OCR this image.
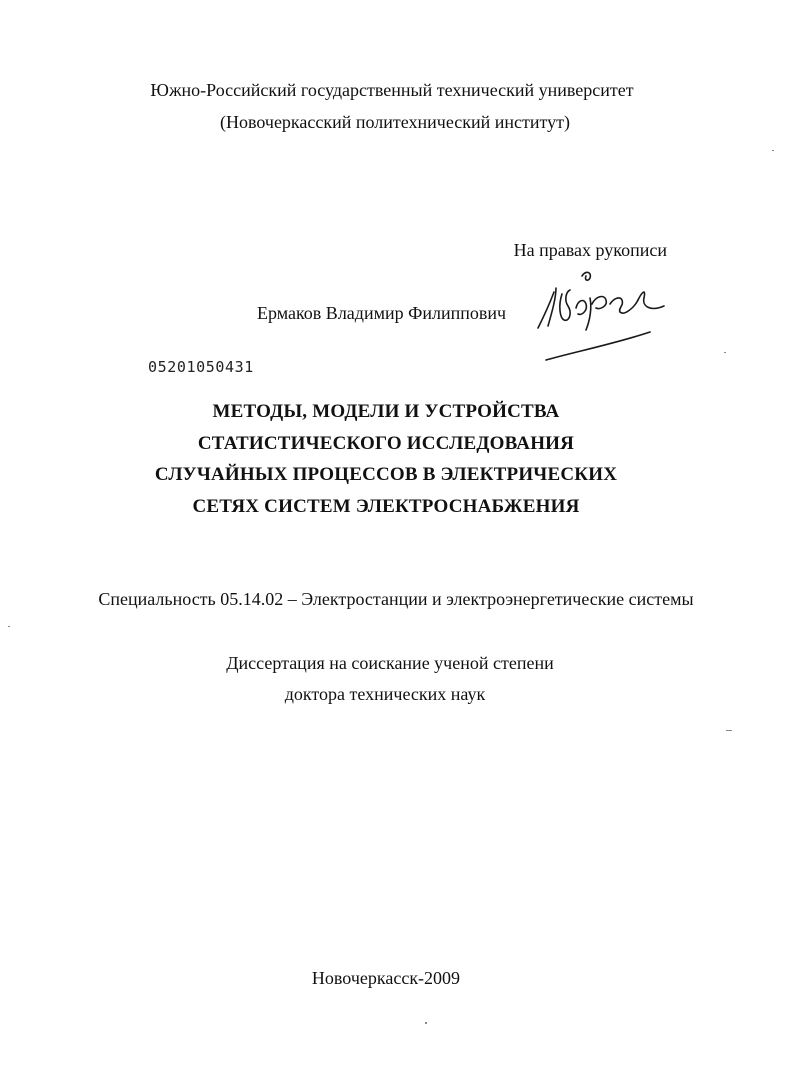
Южно-Российский государственный технический университет
(Новочеркасский политехнический институт)
На правах рукописи
Ермаков Владимир Филиппович
05201050431
МЕТОДЫ, МОДЕЛИ И УСТРОЙСТВА
СТАТИСТИЧЕСКОГО ИССЛЕДОВАНИЯ
СЛУЧАЙНЫХ ПРОЦЕССОВ В ЭЛЕКТРИЧЕСКИХ
СЕТЯХ СИСТЕМ ЭЛЕКТРОСНАБЖЕНИЯ
Специальность 05.14.02 – Электростанции и электроэнергетические системы
Диссертация на соискание ученой степени
доктора технических наук
Новочеркасск-2009
